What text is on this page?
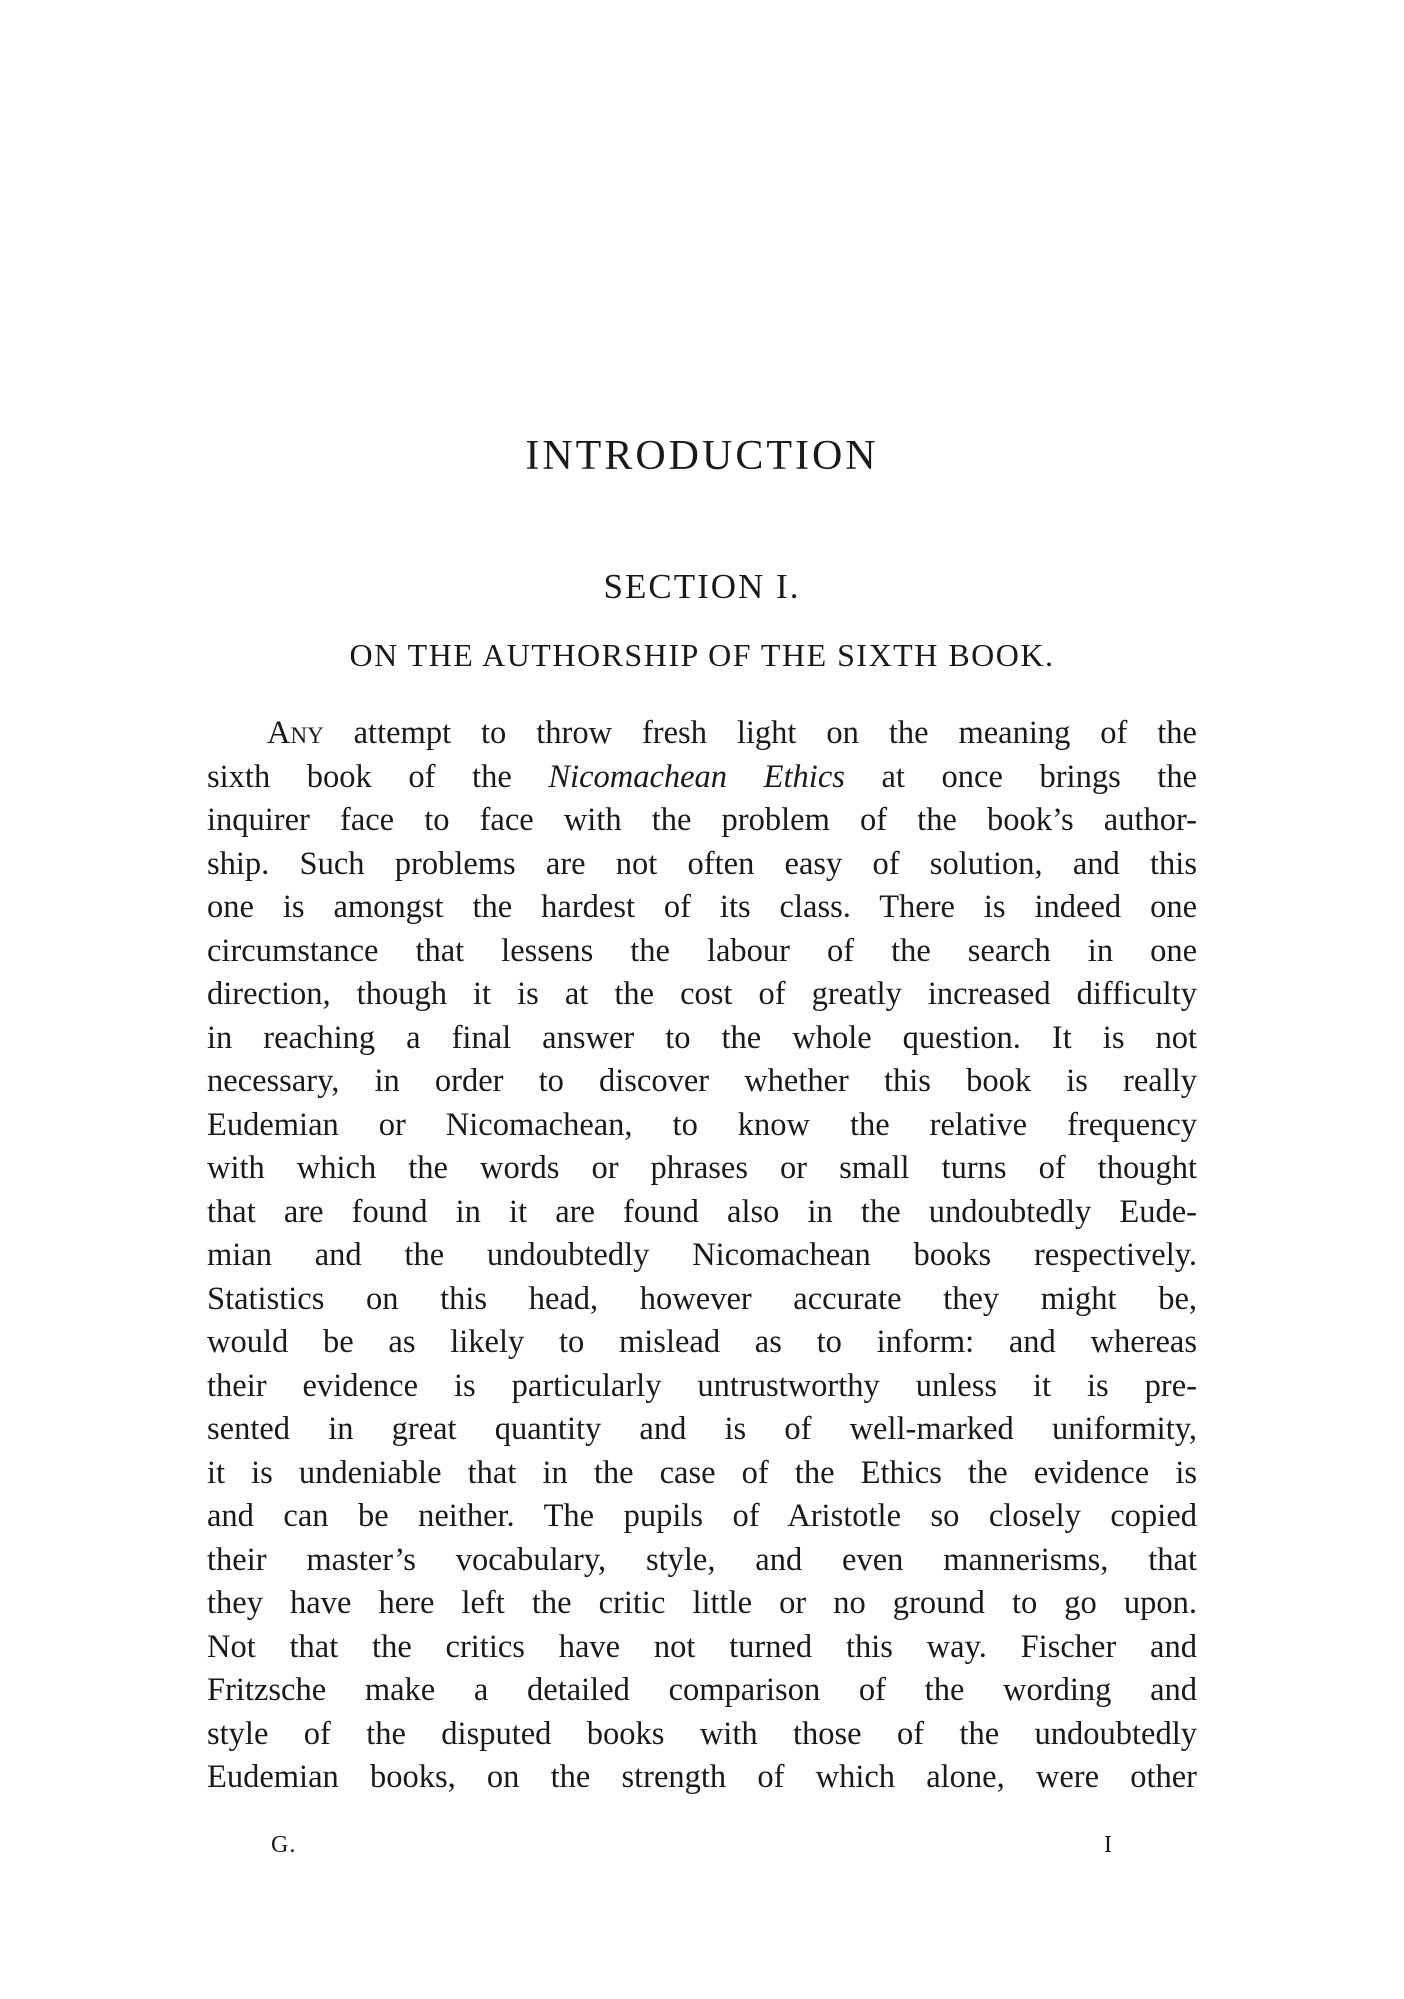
INTRODUCTION
SECTION I.
ON THE AUTHORSHIP OF THE SIXTH BOOK.
Any attempt to throw fresh light on the meaning of the
sixth book of the Nicomachean Ethics at once brings the
inquirer face to face with the problem of the book’s author-
ship. Such problems are not often easy of solution, and this
one is amongst the hardest of its class. There is indeed one
circumstance that lessens the labour of the search in one
direction, though it is at the cost of greatly increased difficulty
in reaching a final answer to the whole question. It is not
necessary, in order to discover whether this book is really
Eudemian or Nicomachean, to know the relative frequency
with which the words or phrases or small turns of thought
that are found in it are found also in the undoubtedly Eude-
mian and the undoubtedly Nicomachean books respectively.
Statistics on this head, however accurate they might be,
would be as likely to mislead as to inform: and whereas
their evidence is particularly untrustworthy unless it is pre-
sented in great quantity and is of well-marked uniformity,
it is undeniable that in the case of the Ethics the evidence is
and can be neither. The pupils of Aristotle so closely copied
their master’s vocabulary, style, and even mannerisms, that
they have here left the critic little or no ground to go upon.
Not that the critics have not turned this way. Fischer and
Fritzsche make a detailed comparison of the wording and
style of the disputed books with those of the undoubtedly
Eudemian books, on the strength of which alone, were other
G.	I
